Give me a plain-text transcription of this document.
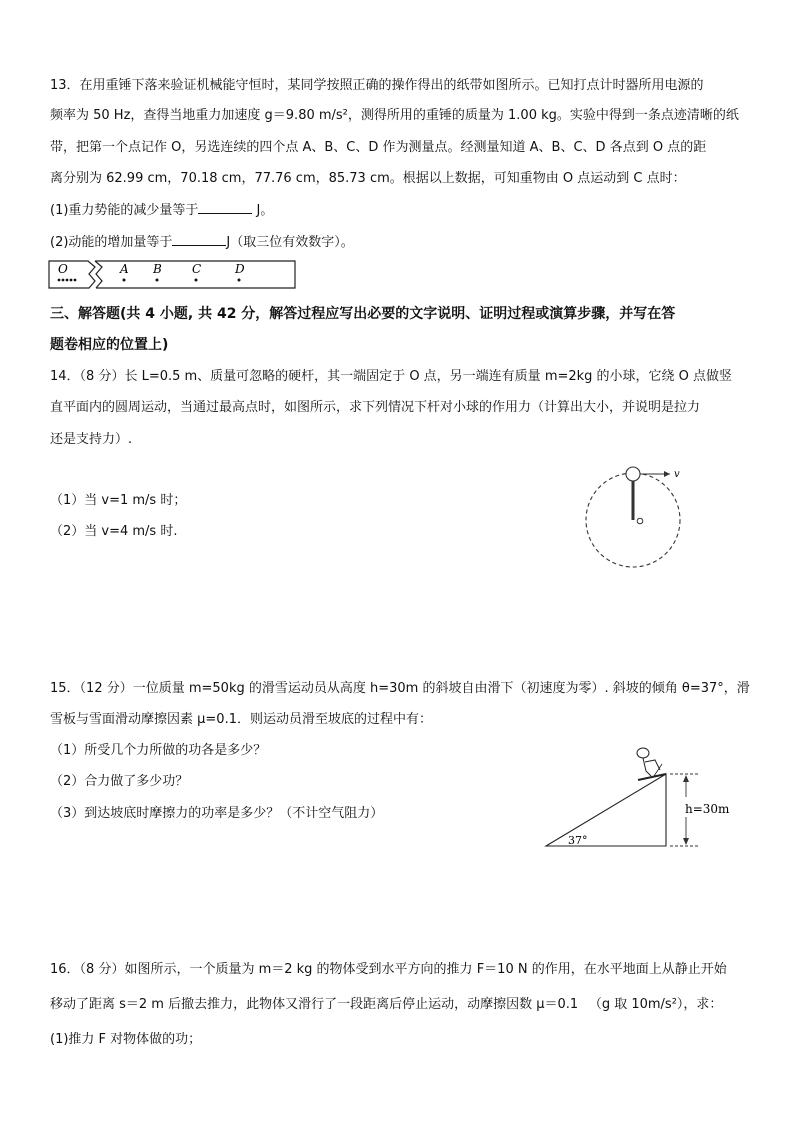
13．在用重锤下落来验证机械能守恒时，某同学按照正确的操作得出的纸带如图所示。已知打点计时器所用电源的
频率为 50 Hz，查得当地重力加速度 g＝9.80 m/s²，测得所用的重锤的质量为 1.00 kg。实验中得到一条点迹清晰的纸
带，把第一个点记作 O，另选连续的四个点 A、B、C、D 作为测量点。经测量知道 A、B、C、D 各点到 O 点的距
离分别为 62.99 cm，70.18 cm，77.76 cm，85.73 cm。根据以上数据，可知重物由 O 点运动到 C 点时：
(1)重力势能的减少量等于	J。
(2)动能的增加量等于	J（取三位有效数字）。
O	A B	C	D
三、解答题(共 4 小题, 共 42 分，解答过程应写出必要的文字说明、证明过程或演算步骤，并写在答
题卷相应的位置上)
14．（8 分）长 L=0.5 m、质量可忽略的硬杆，其一端固定于 O 点，另一端连有质量 m=2kg 的小球，它绕 O 点做竖
直平面内的圆周运动，当通过最高点时，如图所示，求下列情况下杆对小球的作用力（计算出大小，并说明是拉力
还是支持力）.
（1）当 v=1 m/s 时；
（2）当 v=4 m/s 时.
v
15．（12 分）一位质量 m=50kg 的滑雪运动员从高度 h=30m 的斜坡自由滑下（初速度为零）. 斜坡的倾角 θ=37°，滑
雪板与雪面滑动摩擦因素 μ=0.1．则运动员滑至坡底的过程中有：
（1）所受几个力所做的功各是多少？
（2）合力做了多少功？
（3）到达坡底时摩擦力的功率是多少？（不计空气阻力）	h=30m
37°
16．（8 分）如图所示，一个质量为 m＝2 kg 的物体受到水平方向的推力 F＝10 N 的作用，在水平地面上从静止开始
移动了距离 s＝2 m 后撤去推力，此物体又滑行了一段距离后停止运动，动摩擦因数 μ＝0.1 　（g 取 10m/s²），求：
(1)推力 F 对物体做的功；
